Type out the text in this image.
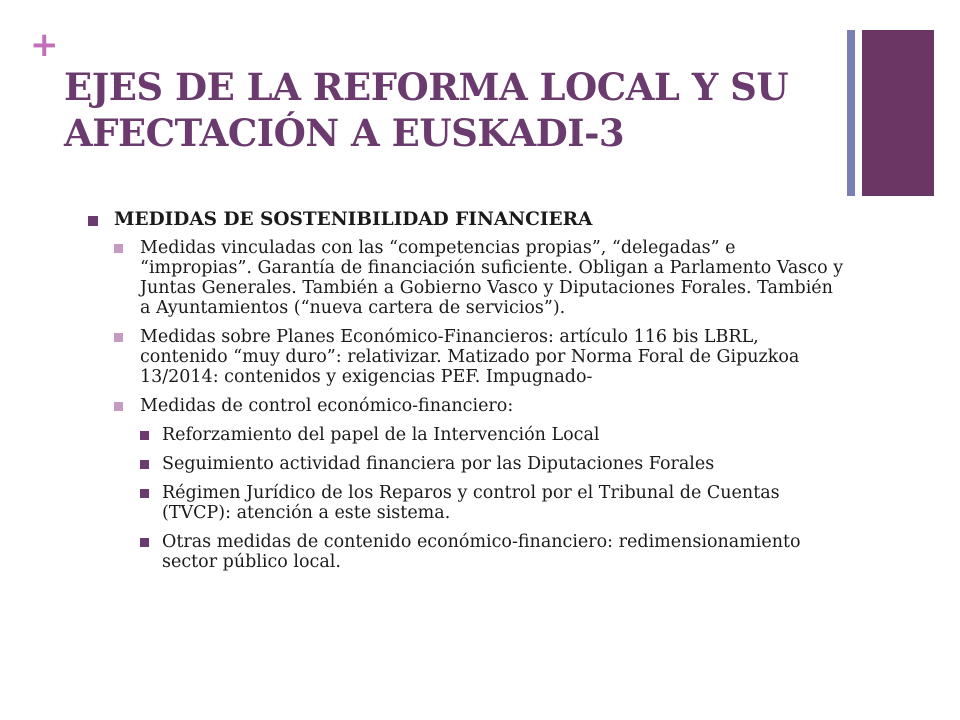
+
EJES DE LA REFORMA LOCAL Y SU AFECTACIÓN A EUSKADI-3
MEDIDAS DE SOSTENIBILIDAD FINANCIERA
Medidas vinculadas con las “competencias propias”, “delegadas” e “impropias”. Garantía de financiación suficiente. Obligan a Parlamento Vasco y Juntas Generales. También a Gobierno Vasco y Diputaciones Forales. También a Ayuntamientos (“nueva cartera de servicios”).
Medidas sobre Planes Económico-Financieros: artículo 116 bis LBRL, contenido “muy duro”: relativizar. Matizado por Norma Foral de Gipuzkoa 13/2014: contenidos y exigencias PEF. Impugnado-
Medidas de control económico-financiero:
Reforzamiento del papel de la Intervención Local
Seguimiento actividad financiera por las Diputaciones Forales
Régimen Jurídico de los Reparos y control por el Tribunal de Cuentas (TVCP): atención a este sistema.
Otras medidas de contenido económico-financiero: redimensionamiento sector público local.
